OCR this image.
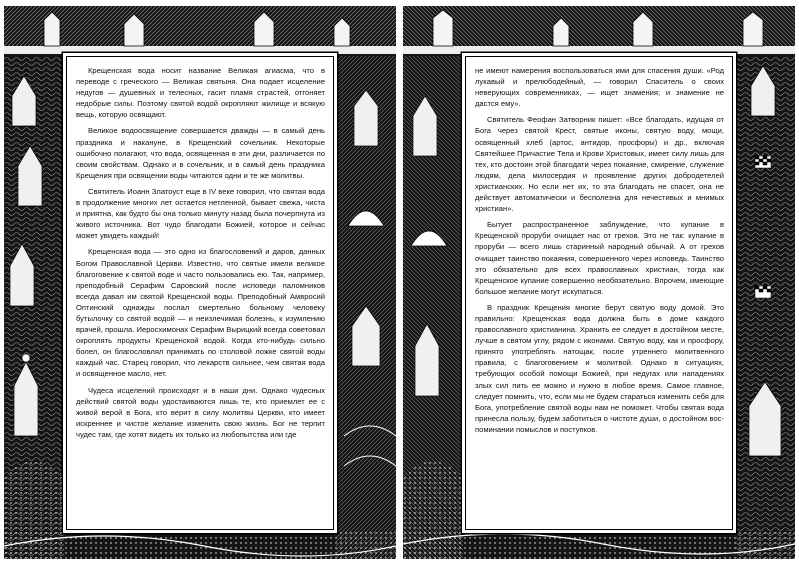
Крещенская вода носит название Великая агиасма, что в переводе с греческого — Великая святыня. Она подает исцеление недугов — душевных и телесных, гасит пламя страстей, отгоняет недобрые силы. Поэтому святой водой окропляют жилище и всякую вещь, которую освящают.

Великое водоосвящение совершается дважды — в самый день праздника и накануне, в Крещенский сочельник. Некоторые ошибочно полагают, что вода, освященная в эти дни, различается по своим свойствам. Однако и в сочельник, и в самый день праздника Крещения при освящении воды читаются одни и те же молитвы.

Святитель Иоанн Златоуст еще в IV веке говорил, что святая вода в продолжение многих лет остается нетленной, бывает свежа, чиста и приятна, как будто бы она только минуту назад была почерпнута из живого источника. Вот чудо благодати Божией, которое и сейчас может увидеть каждый!

Крещенская вода — это одно из благословений и даров, данных Богом Православной Церкви. Известно, что святые имели великое благоговение к святой воде и часто пользовались ею. Так, например, преподобный Серафим Саровский после исповеди паломников всегда давал им святой Крещенской воды. Преподобный Амвросий Оптинский однажды послал смертельно больному человеку бутылочку со святой водой — и неизлечимая болезнь, к изумлению врачей, прошла. Иеросхимонах Серафим Вырицкий всегда советовал окроплять продукты Крещенской водой. Когда кто-нибудь сильно болел, он благословлял принимать по столовой ложке святой воды каждый час. Старец говорил, что лекарств сильнее, чем святая вода и освященное масло, нет.

Чудеса исцелений происходят и в наши дни. Однако чудесных действий святой воды удостаиваются лишь те, кто приемлет ее с живой верой в Бога, кто верит в силу молитвы Церкви, кто имеет искреннее и чистое желание изменить свою жизнь. Бог не терпит чудес там, где хотят видеть их только из любопытства или где

не имеют намерения воспользоваться ими для спасения души. «Род лукавый и прелюбодейный, — говорил Спаситель о своих неверующих современниках, — ищет знамения; и знамение не дастся ему».

Святитель Феофан Затворник пишет: «Все благодать, идущая от Бога через святой Крест, святые иконы, святую воду, мощи, освященный хлеб (артос, антидор, просфоры) и др., включая Святейшее Причастие Тела и Крови Христовых, имеет силу лишь для тех, кто достоин этой благодати через покаяние, смирение, служение людям, дела милосердия и проявление других добродетелей христианских. Но если нет их, то эта благодать не спасет, она не действует автоматически и бесполезна для нечестивых и мнимых христиан».

Бытует распространенное заблуждение, что купание в Крещенской проруби очищает нас от грехов. Это не так: купание в проруби — всего лишь старинный народный обычай. А от грехов очищает таинство покаяния, совершенного через исповедь. Таинство это обязательно для всех православных христиан, тогда как Крещенское купание совершенно необязательно. Впрочем, имеющие большое желание могут искупаться.

В праздник Крещения многие берут святую воду домой. Это правильно: Крещенская вода должна быть в доме каждого православного христианина. Хранить ее следует в достойном месте, лучше в святом углу, рядом с иконами. Святую воду, как и просфору, принято употреблять натощак, после утреннего молитвенного правила, с благоговением и молитвой. Однако в ситуациях, требующих особой помощи Божией, при недугах или нападениях злых сил пить ее можно и нужно в любое время. Самое главное, следует помнить, что, если мы не будем стараться изменить себя для Бога, употребление святой воды нам не поможет. Чтобы святая вода принесла пользу, будем заботиться о чистоте души, о достойном воспоминании помыслов и поступков.
